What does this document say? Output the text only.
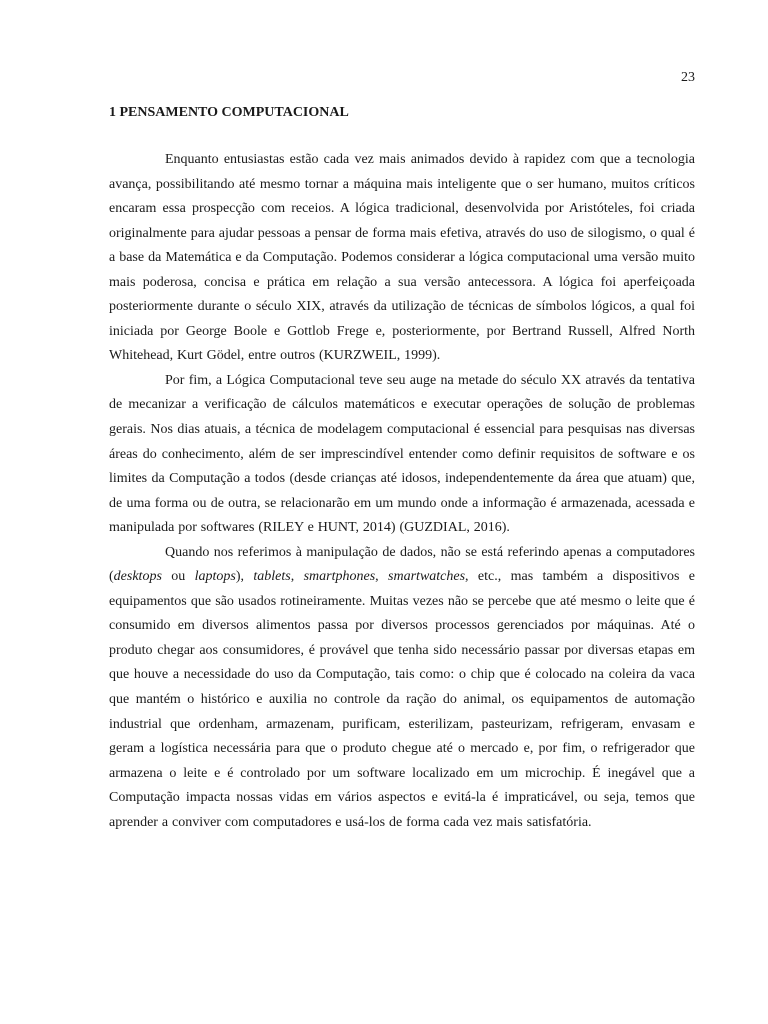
23
1 PENSAMENTO COMPUTACIONAL

Enquanto entusiastas estão cada vez mais animados devido à rapidez com que a tecnologia avança, possibilitando até mesmo tornar a máquina mais inteligente que o ser humano, muitos críticos encaram essa prospecção com receios. A lógica tradicional, desenvolvida por Aristóteles, foi criada originalmente para ajudar pessoas a pensar de forma mais efetiva, através do uso de silogismo, o qual é a base da Matemática e da Computação. Podemos considerar a lógica computacional uma versão muito mais poderosa, concisa e prática em relação a sua versão antecessora. A lógica foi aperfeiçoada posteriormente durante o século XIX, através da utilização de técnicas de símbolos lógicos, a qual foi iniciada por George Boole e Gottlob Frege e, posteriormente, por Bertrand Russell, Alfred North Whitehead, Kurt Gödel, entre outros (KURZWEIL, 1999).

Por fim, a Lógica Computacional teve seu auge na metade do século XX através da tentativa de mecanizar a verificação de cálculos matemáticos e executar operações de solução de problemas gerais. Nos dias atuais, a técnica de modelagem computacional é essencial para pesquisas nas diversas áreas do conhecimento, além de ser imprescindível entender como definir requisitos de software e os limites da Computação a todos (desde crianças até idosos, independentemente da área que atuam) que, de uma forma ou de outra, se relacionarão em um mundo onde a informação é armazenada, acessada e manipulada por softwares (RILEY e HUNT, 2014) (GUZDIAL, 2016).

Quando nos referimos à manipulação de dados, não se está referindo apenas a computadores (desktops ou laptops), tablets, smartphones, smartwatches, etc., mas também a dispositivos e equipamentos que são usados rotineiramente. Muitas vezes não se percebe que até mesmo o leite que é consumido em diversos alimentos passa por diversos processos gerenciados por máquinas. Até o produto chegar aos consumidores, é provável que tenha sido necessário passar por diversas etapas em que houve a necessidade do uso da Computação, tais como: o chip que é colocado na coleira da vaca que mantém o histórico e auxilia no controle da ração do animal, os equipamentos de automação industrial que ordenham, armazenam, purificam, esterilizam, pasteurizam, refrigeram, envasam e geram a logística necessária para que o produto chegue até o mercado e, por fim, o refrigerador que armazena o leite e é controlado por um software localizado em um microchip. É inegável que a Computação impacta nossas vidas em vários aspectos e evitá-la é impraticável, ou seja, temos que aprender a conviver com computadores e usá-los de forma cada vez mais satisfatória.
